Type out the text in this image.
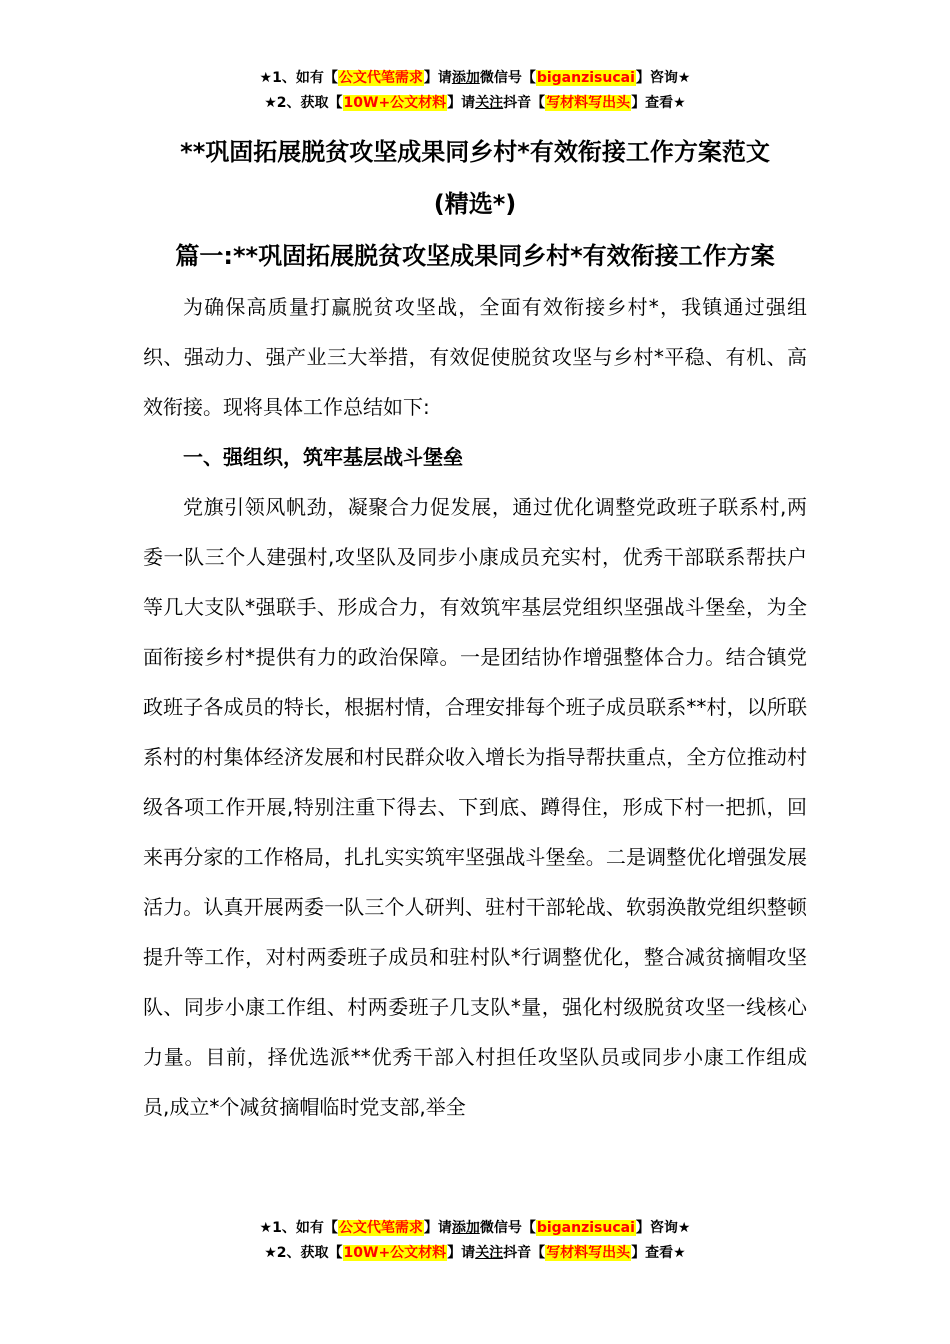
★1、如有【公文代笔需求】请添加微信号【biganzisucai】咨询★
★2、获取【10W+公文材料】请关注抖音【写材料写出头】查看★
**巩固拓展脱贫攻坚成果同乡村*有效衔接工作方案范文
(精选*)
篇一:**巩固拓展脱贫攻坚成果同乡村*有效衔接工作方案

为确保高质量打赢脱贫攻坚战，全面有效衔接乡村*，我镇通过强组织、强动力、强产业三大举措，有效促使脱贫攻坚与乡村*平稳、有机、高效衔接。现将具体工作总结如下:

一、强组织，筑牢基层战斗堡垒

党旗引领风帆劲，凝聚合力促发展，通过优化调整党政班子联系村,两委一队三个人建强村,攻坚队及同步小康成员充实村，优秀干部联系帮扶户等几大支队*强联手、形成合力，有效筑牢基层党组织坚强战斗堡垒，为全面衔接乡村*提供有力的政治保障。一是团结协作增强整体合力。结合镇党政班子各成员的特长，根据村情，合理安排每个班子成员联系**村，以所联系村的村集体经济发展和村民群众收入增长为指导帮扶重点，全方位推动村级各项工作开展,特别注重下得去、下到底、蹲得住，形成下村一把抓，回来再分家的工作格局，扎扎实实筑牢坚强战斗堡垒。二是调整优化增强发展活力。认真开展两委一队三个人研判、驻村干部轮战、软弱涣散党组织整顿提升等工作，对村两委班子成员和驻村队*行调整优化，整合减贫摘帽攻坚队、同步小康工作组、村两委班子几支队*量，强化村级脱贫攻坚一线核心力量。目前，择优选派**优秀干部入村担任攻坚队员或同步小康工作组成员,成立*个减贫摘帽临时党支部,举全

★1、如有【公文代笔需求】请添加微信号【biganzisucai】咨询★
★2、获取【10W+公文材料】请关注抖音【写材料写出头】查看★
